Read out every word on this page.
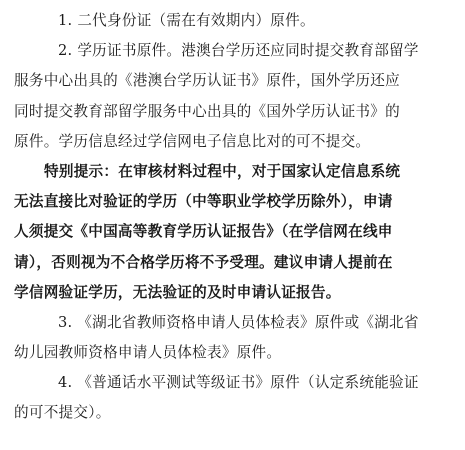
1. 二代身份证（需在有效期内）原件。
2. 学历证书原件。港澳台学历还应同时提交教育部留学
服务中心出具的《港澳台学历认证书》原件，国外学历还应
同时提交教育部留学服务中心出具的《国外学历认证书》的
原件。学历信息经过学信网电子信息比对的可不提交。
特别提示：在审核材料过程中，对于国家认定信息系统
无法直接比对验证的学历（中等职业学校学历除外），申请
人须提交《中国高等教育学历认证报告》（在学信网在线申
请），否则视为不合格学历将不予受理。建议申请人提前在
学信网验证学历，无法验证的及时申请认证报告。
3. 《湖北省教师资格申请人员体检表》原件或《湖北省
幼儿园教师资格申请人员体检表》原件。
4. 《普通话水平测试等级证书》原件（认定系统能验证
的可不提交）。
